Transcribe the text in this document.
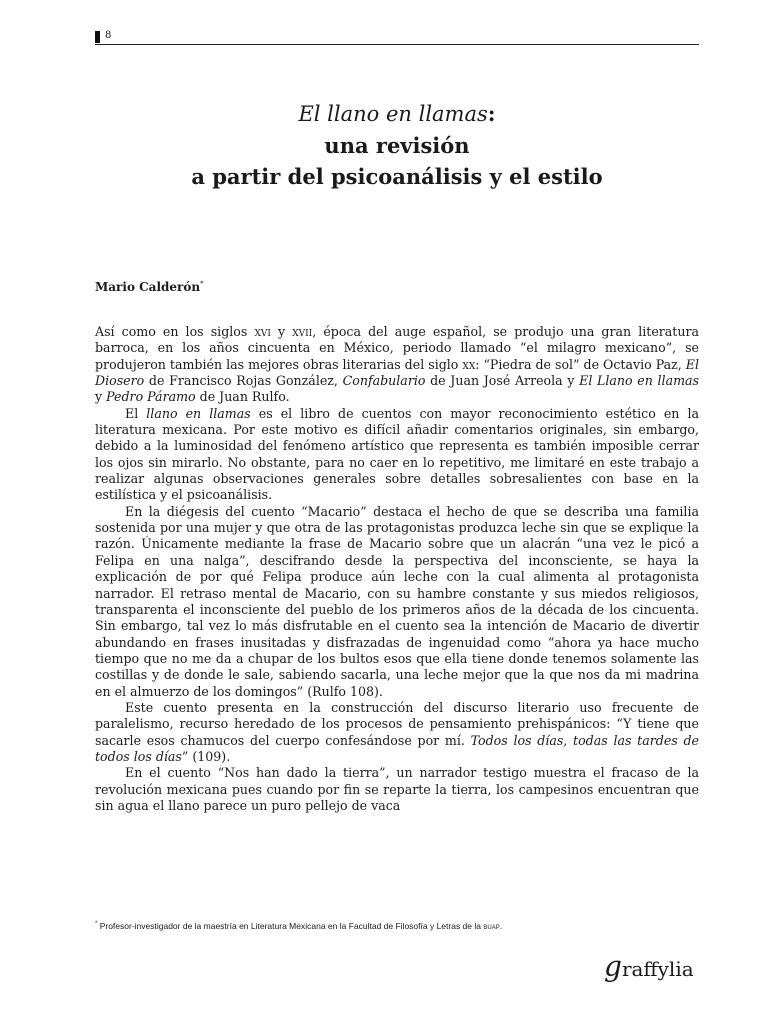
8
El llano en llamas:
una revisión
a partir del psicoanálisis y el estilo
Mario Calderón*

Así como en los siglos xvi y xvii, época del auge español, se produjo una gran literatura barroca, en los años cincuenta en México, periodo llamado “el milagro mexicano”, se produjeron también las mejores obras literarias del siglo xx: “Piedra de sol” de Octavio Paz, El Diosero de Francisco Rojas González, Confabulario de Juan José Arreola y El Llano en llamas y Pedro Páramo de Juan Rulfo.

El llano en llamas es el libro de cuentos con mayor reconocimiento estético en la literatura mexicana. Por este motivo es difícil añadir comentarios originales, sin embargo, debido a la luminosidad del fenómeno artístico que representa es también imposible cerrar los ojos sin mirarlo. No obstante, para no caer en lo repetitivo, me limitaré en este trabajo a realizar algunas observaciones generales sobre detalles sobresalientes con base en la estilística y el psicoanálisis.

En la diégesis del cuento “Macario” destaca el hecho de que se describa una familia sostenida por una mujer y que otra de las protagonistas produzca leche sin que se explique la razón. Únicamente mediante la frase de Macario sobre que un alacrán “una vez le picó a Felipa en una nalga”, descifrando desde la perspectiva del inconsciente, se haya la explicación de por qué Felipa produce aún leche con la cual alimenta al protagonista narrador. El retraso mental de Macario, con su hambre constante y sus miedos religiosos, transparenta el inconsciente del pueblo de los primeros años de la década de los cincuenta. Sin embargo, tal vez lo más disfrutable en el cuento sea la intención de Macario de divertir abundando en frases inusitadas y disfrazadas de ingenuidad como “ahora ya hace mucho tiempo que no me da a chupar de los bultos esos que ella tiene donde tenemos solamente las costillas y de donde le sale, sabiendo sacarla, una leche mejor que la que nos da mi madrina en el almuerzo de los domingos” (Rulfo 108).

Este cuento presenta en la construcción del discurso literario uso frecuente de paralelismo, recurso heredado de los procesos de pensamiento prehispánicos: “Y tiene que sacarle esos chamucos del cuerpo confesándose por mí. Todos los días, todas las tardes de todos los días” (109).

En el cuento “Nos han dado la tierra”, un narrador testigo muestra el fracaso de la revolución mexicana pues cuando por fin se reparte la tierra, los campesinos encuentran que sin agua el llano parece un puro pellejo de vaca

* Profesor-investigador de la maestría en Literatura Mexicana en la Facultad de Filosofía y Letras de la buap.
graffylia
